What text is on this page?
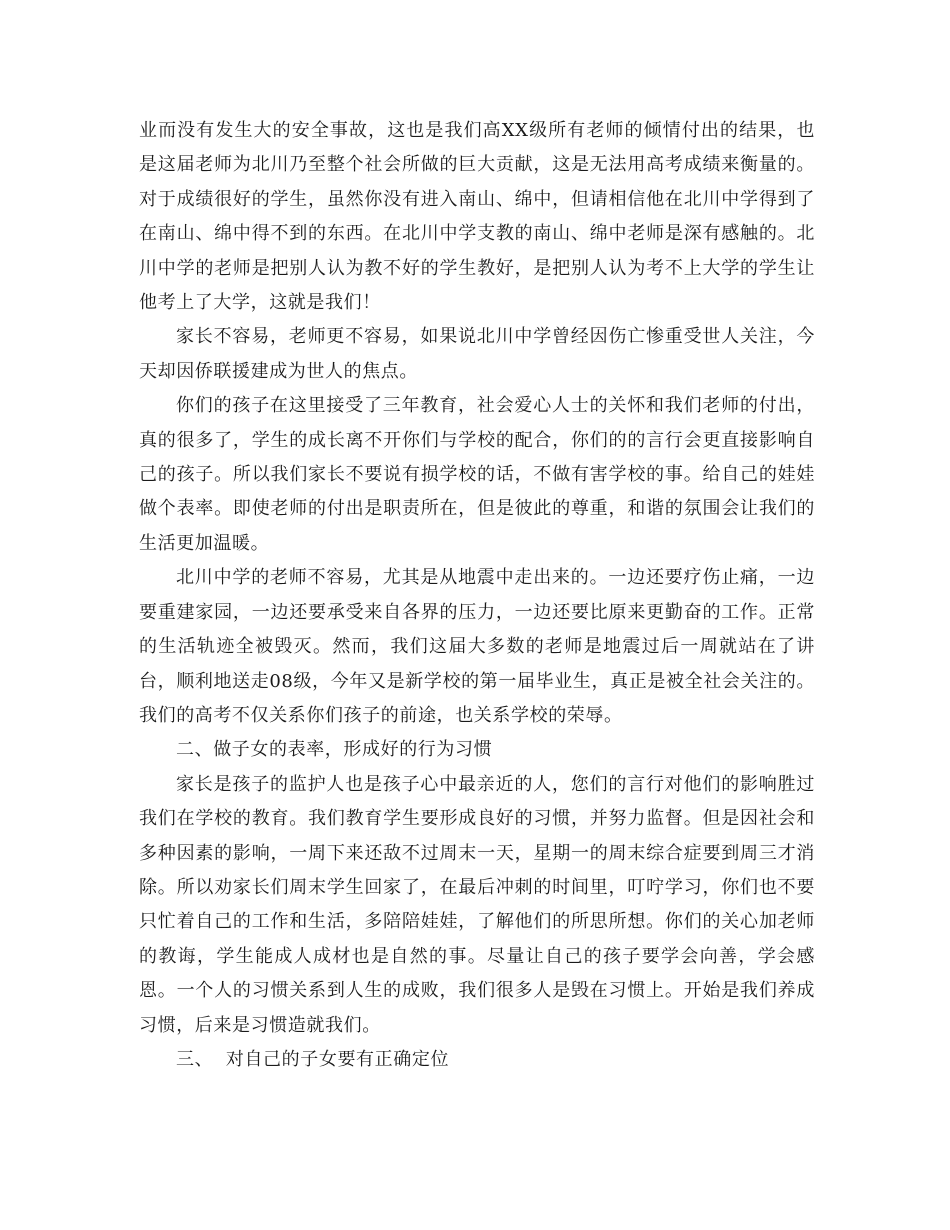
业而没有发生大的安全事故，这也是我们高XX级所有老师的倾情付出的结果，也是这届老师为北川乃至整个社会所做的巨大贡献，这是无法用高考成绩来衡量的。对于成绩很好的学生，虽然你没有进入南山、绵中，但请相信他在北川中学得到了在南山、绵中得不到的东西。在北川中学支教的南山、绵中老师是深有感触的。北川中学的老师是把别人认为教不好的学生教好，是把别人认为考不上大学的学生让他考上了大学，这就是我们！

家长不容易，老师更不容易，如果说北川中学曾经因伤亡惨重受世人关注，今天却因侨联援建成为世人的焦点。

你们的孩子在这里接受了三年教育，社会爱心人士的关怀和我们老师的付出，真的很多了，学生的成长离不开你们与学校的配合，你们的的言行会更直接影响自己的孩子。所以我们家长不要说有损学校的话，不做有害学校的事。给自己的娃娃做个表率。即使老师的付出是职责所在，但是彼此的尊重，和谐的氛围会让我们的生活更加温暖。

北川中学的老师不容易，尤其是从地震中走出来的。一边还要疗伤止痛，一边要重建家园，一边还要承受来自各界的压力，一边还要比原来更勤奋的工作。正常的生活轨迹全被毁灭。然而，我们这届大多数的老师是地震过后一周就站在了讲台，顺利地送走08级，今年又是新学校的第一届毕业生，真正是被全社会关注的。我们的高考不仅关系你们孩子的前途，也关系学校的荣辱。

二、做子女的表率，形成好的行为习惯

家长是孩子的监护人也是孩子心中最亲近的人，您们的言行对他们的影响胜过我们在学校的教育。我们教育学生要形成良好的习惯，并努力监督。但是因社会和多种因素的影响，一周下来还敌不过周末一天，星期一的周末综合症要到周三才消除。所以劝家长们周末学生回家了，在最后冲刺的时间里，叮咛学习，你们也不要只忙着自己的工作和生活，多陪陪娃娃，了解他们的所思所想。你们的关心加老师的教诲，学生能成人成材也是自然的事。尽量让自己的孩子要学会向善，学会感恩。一个人的习惯关系到人生的成败，我们很多人是毁在习惯上。开始是我们养成习惯，后来是习惯造就我们。

三、  对自己的子女要有正确定位
